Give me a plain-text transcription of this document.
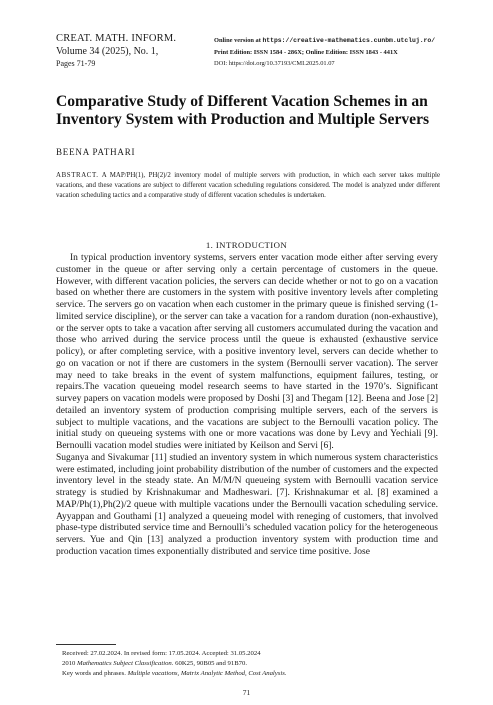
CREAT. MATH. INFORM.
Volume 34 (2025), No. 1,
Pages 71-79
Online version at https://creative-mathematics.cunbm.utcluj.ro/
Print Edition: ISSN 1584 - 286X; Online Edition: ISSN 1843 - 441X
DOI: https://doi.org/10.37193/CMI.2025.01.07
Comparative Study of Different Vacation Schemes in an Inventory System with Production and Multiple Servers
BEENA PATHARI
ABSTRACT. A MAP/PH(1), PH(2)/2 inventory model of multiple servers with production, in which each server takes multiple vacations, and these vacations are subject to different vacation scheduling regulations considered. The model is analyzed under different vacation scheduling tactics and a comparative study of different vacation schedules is undertaken.
1. INTRODUCTION

In typical production inventory systems, servers enter vacation mode either after serving every customer in the queue or after serving only a certain percentage of customers in the queue. However, with different vacation policies, the servers can decide whether or not to go on a vacation based on whether there are customers in the system with positive inventory levels after completing service. The servers go on vacation when each customer in the primary queue is finished serving (1-limited service discipline), or the server can take a vacation for a random duration (non-exhaustive), or the server opts to take a vacation after serving all customers accumulated during the vacation and those who arrived during the service process until the queue is exhausted (exhaustive service policy), or after completing service, with a positive inventory level, servers can decide whether to go on vacation or not if there are customers in the system (Bernoulli server vacation). The server may need to take breaks in the event of system malfunctions, equipment failures, testing, or repairs.The vacation queueing model research seems to have started in the 1970’s. Significant survey papers on vacation models were proposed by Doshi [3] and Thegam [12]. Beena and Jose [2] detailed an inventory system of production comprising multiple servers, each of the servers is subject to multiple vacations, and the vacations are subject to the Bernoulli vacation policy. The initial study on queueing systems with one or more vacations was done by Levy and Yechiali [9]. Bernoulli vacation model studies were initiated by Keilson and Servi [6].

Suganya and Sivakumar [11] studied an inventory system in which numerous system characteristics were estimated, including joint probability distribution of the number of customers and the expected inventory level in the steady state. An M/M/N queueing system with Bernoulli vacation service strategy is studied by Krishnakumar and Madheswari. [7]. Krishnakumar et al. [8] examined a MAP/Ph(1),Ph(2)/2 queue with multiple vacations under the Bernoulli vacation scheduling service. Ayyappan and Gouthami [1] analyzed a queueing model with reneging of customers, that involved phase-type distributed service time and Bernoulli’s scheduled vacation policy for the heterogeneous servers. Yue and Qin [13] analyzed a production inventory system with production time and production vacation times exponentially distributed and service time positive. Jose

Received: 27.02.2024. In revised form: 17.05.2024. Accepted: 31.05.2024

2010 Mathematics Subject Classification. 60K25, 90B05 and 91B70.

Key words and phrases. Multiple vacations, Matrix Analytic Method, Cost Analysis.

71
